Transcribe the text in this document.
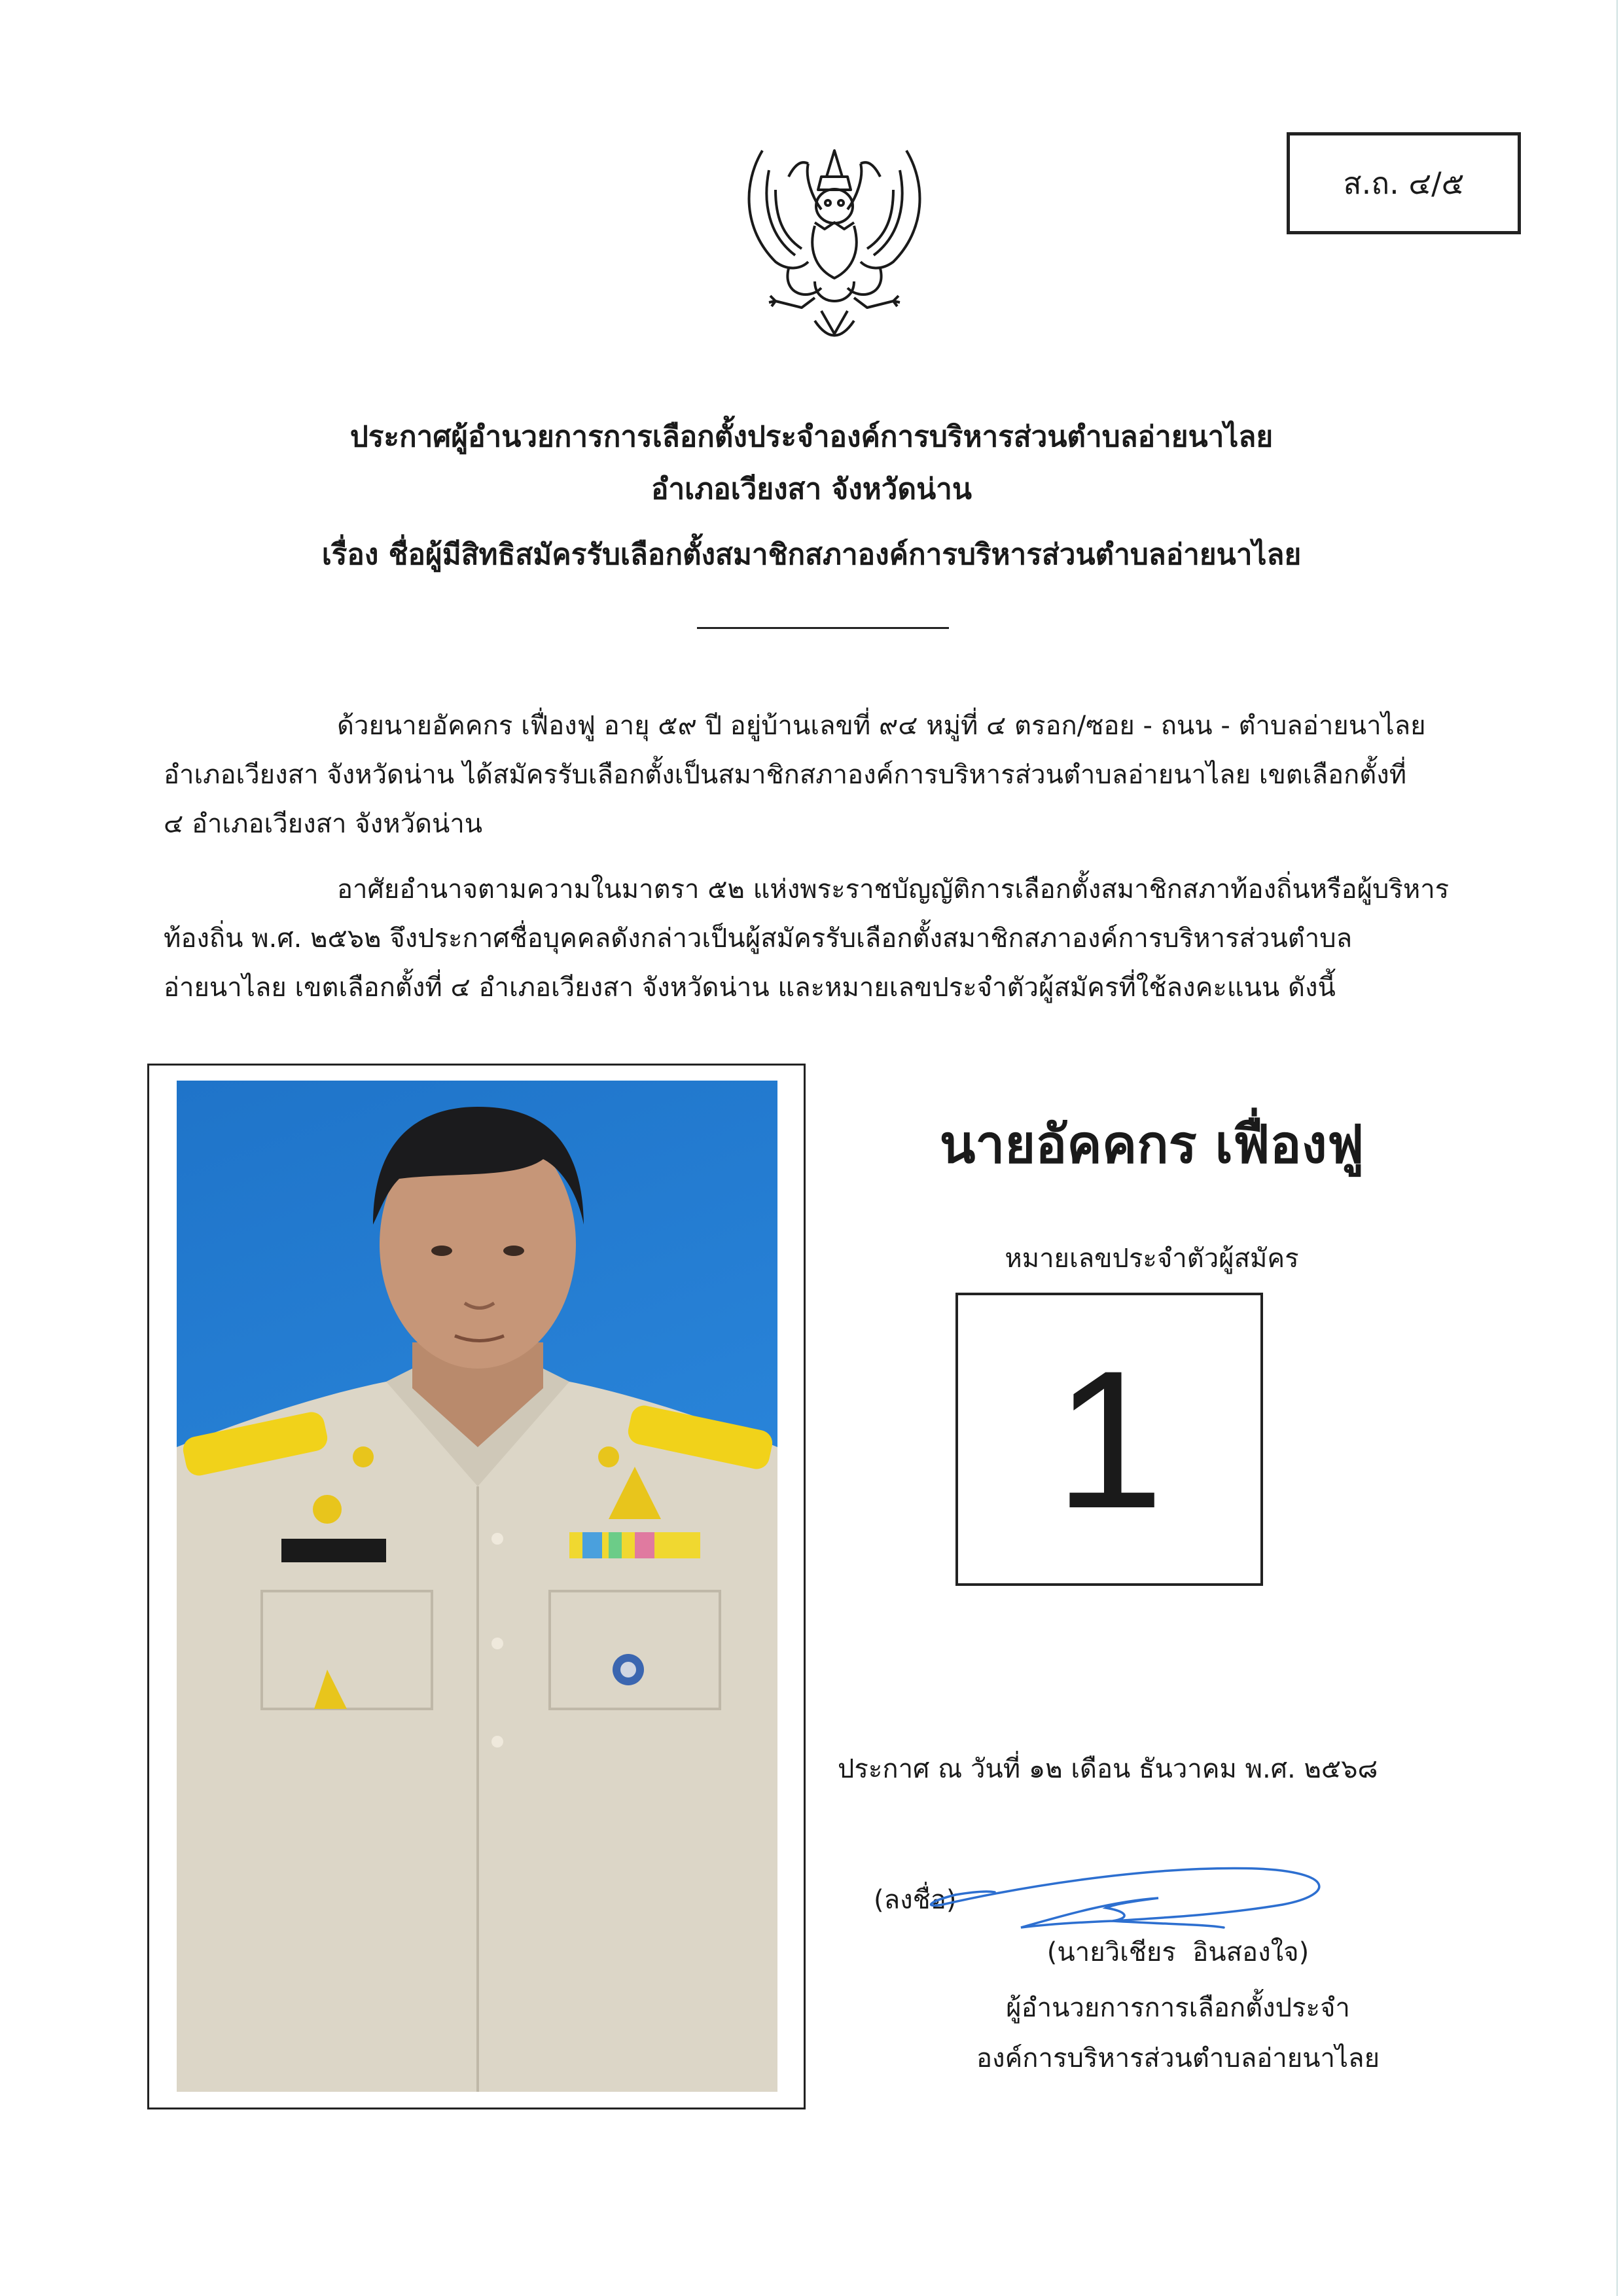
ส.ถ. ๔/๕
ประกาศผู้อำนวยการการเลือกตั้งประจำองค์การบริหารส่วนตำบลอ่ายนาไลย
อำเภอเวียงสา จังหวัดน่าน
เรื่อง ชื่อผู้มีสิทธิสมัครรับเลือกตั้งสมาชิกสภาองค์การบริหารส่วนตำบลอ่ายนาไลย
ด้วยนายอัคคกร เฟื่องฟู อายุ ๕๙ ปี อยู่บ้านเลขที่ ๙๔ หมู่ที่ ๔ ตรอก/ซอย - ถนน - ตำบลอ่ายนาไลย
อำเภอเวียงสา จังหวัดน่าน ได้สมัครรับเลือกตั้งเป็นสมาชิกสภาองค์การบริหารส่วนตำบลอ่ายนาไลย เขตเลือกตั้งที่
๔ อำเภอเวียงสา จังหวัดน่าน
อาศัยอำนาจตามความในมาตรา ๕๒ แห่งพระราชบัญญัติการเลือกตั้งสมาชิกสภาท้องถิ่นหรือผู้บริหาร
ท้องถิ่น พ.ศ. ๒๕๖๒ จึงประกาศชื่อบุคคลดังกล่าวเป็นผู้สมัครรับเลือกตั้งสมาชิกสภาองค์การบริหารส่วนตำบล
อ่ายนาไลย เขตเลือกตั้งที่ ๔ อำเภอเวียงสา จังหวัดน่าน และหมายเลขประจำตัวผู้สมัครที่ใช้ลงคะแนน ดังนี้
นายอัคคกร เฟื่องฟู
หมายเลขประจำตัวผู้สมัคร
1
ประกาศ ณ วันที่ ๑๒ เดือน ธันวาคม พ.ศ. ๒๕๖๘
(ลงชื่อ)
(นายวิเชียร  อินสองใจ)
ผู้อำนวยการการเลือกตั้งประจำ
องค์การบริหารส่วนตำบลอ่ายนาไลย
